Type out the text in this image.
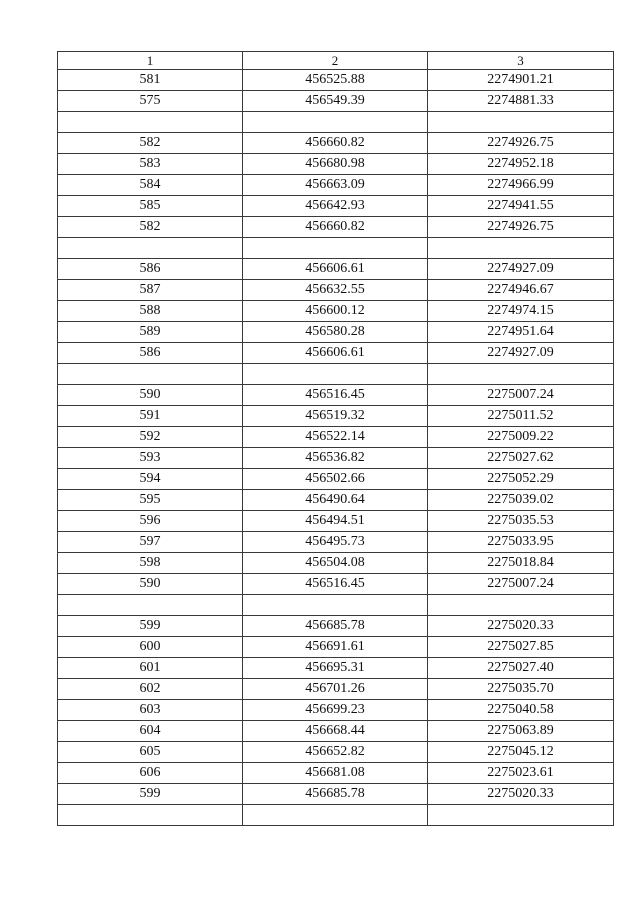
1	2	3
581	456525.88	2274901.21
575	456549.39	2274881.33

582	456660.82	2274926.75
583	456680.98	2274952.18
584	456663.09	2274966.99
585	456642.93	2274941.55
582	456660.82	2274926.75

586	456606.61	2274927.09
587	456632.55	2274946.67
588	456600.12	2274974.15
589	456580.28	2274951.64
586	456606.61	2274927.09

590	456516.45	2275007.24
591	456519.32	2275011.52
592	456522.14	2275009.22
593	456536.82	2275027.62
594	456502.66	2275052.29
595	456490.64	2275039.02
596	456494.51	2275035.53
597	456495.73	2275033.95
598	456504.08	2275018.84
590	456516.45	2275007.24

599	456685.78	2275020.33
600	456691.61	2275027.85
601	456695.31	2275027.40
602	456701.26	2275035.70
603	456699.23	2275040.58
604	456668.44	2275063.89
605	456652.82	2275045.12
606	456681.08	2275023.61
599	456685.78	2275020.33
